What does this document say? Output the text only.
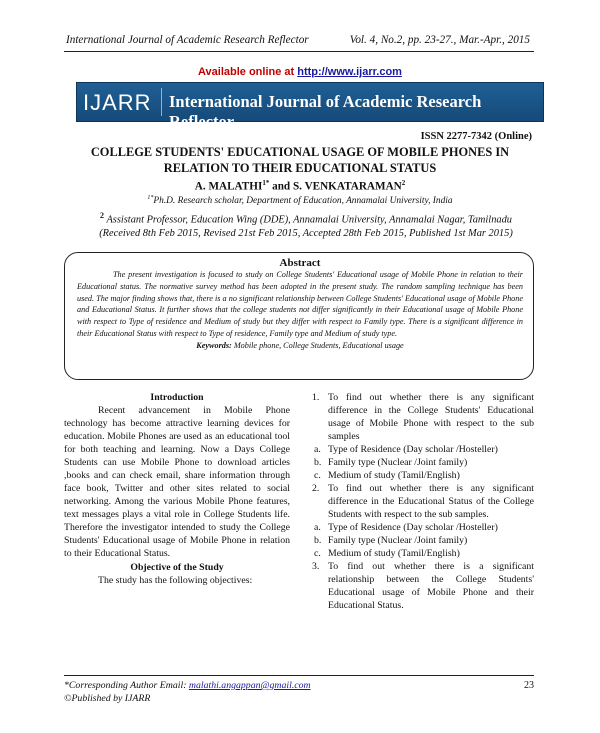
International Journal of Academic Research Reflector	Vol. 4, No.2, pp. 23-27., Mar.-Apr., 2015
Available online at http://www.ijarr.com
IJARR International Journal of Academic Research Reflector
ISSN 2277-7342 (Online)
COLLEGE STUDENTS' EDUCATIONAL USAGE OF MOBILE PHONES IN
RELATION TO THEIR EDUCATIONAL STATUS
A. $MALATHI^{1*}$ and S. VENKATARAMAN$^2$
$^{1*}$Ph.D. Research scholar, Department of Education, Annamalai University, India
$^2$ Assistant Professor, Education Wing (DDE), Annamalai University, Annamalai Nagar, Tamilnadu
(Received 8th Feb 2015, Revised 21st Feb 2015, Accepted 28th Feb 2015, Published 1st Mar 2015)
Abstract

The present investigation is focused to study on College Students' Educational usage of Mobile Phone in relation to their Educational status. The normative survey method has been adopted in the present study. The random sampling technique has been used. The major finding shows that, there is a no significant relationship between College Students' Educational usage of Mobile Phone and Educational Status. It further shows that the college students not differ significantly in their Educational usage of Mobile Phone with respect to Type of residence and Medium of study but they differ with respect to Family type. There is a significant difference in their Educational Status with respect to Type of residence, Family type and Medium of study type.

Keywords: Mobile phone, College Students, Educational usage
Introduction

Recent advancement in Mobile Phone technology has become attractive learning devices for education. Mobile Phones are used as an educational tool for both teaching and learning. Now a Days College Students can use Mobile Phone to download articles ,books and can check email, share information through face book, Twitter and other sites related to social networking. Among the various Mobile Phone features, text messages plays a vital role in College Students life. Therefore the investigator intended to study the College Students' Educational usage of Mobile Phone in relation to their Educational Status.

Objective of the Study

The study has the following objectives:

1. To find out whether there is any significant difference in the College Students' Educational usage of Mobile Phone with respect to the sub samples
a. Type of Residence (Day scholar /Hosteller)
b. Family type (Nuclear /Joint family)
c. Medium of study (Tamil/English)
2. To find out whether there is any significant difference in the Educational Status of the College Students with respect to the sub samples.
a. Type of Residence (Day scholar /Hosteller)
b. Family type (Nuclear /Joint family)
c. Medium of study (Tamil/English)
3. To find out whether there is a significant relationship between the College Students' Educational usage of Mobile Phone and their Educational Status.
*Corresponding Author Email: malathi.angappan@gmail.com	23
©Published by IJARR
